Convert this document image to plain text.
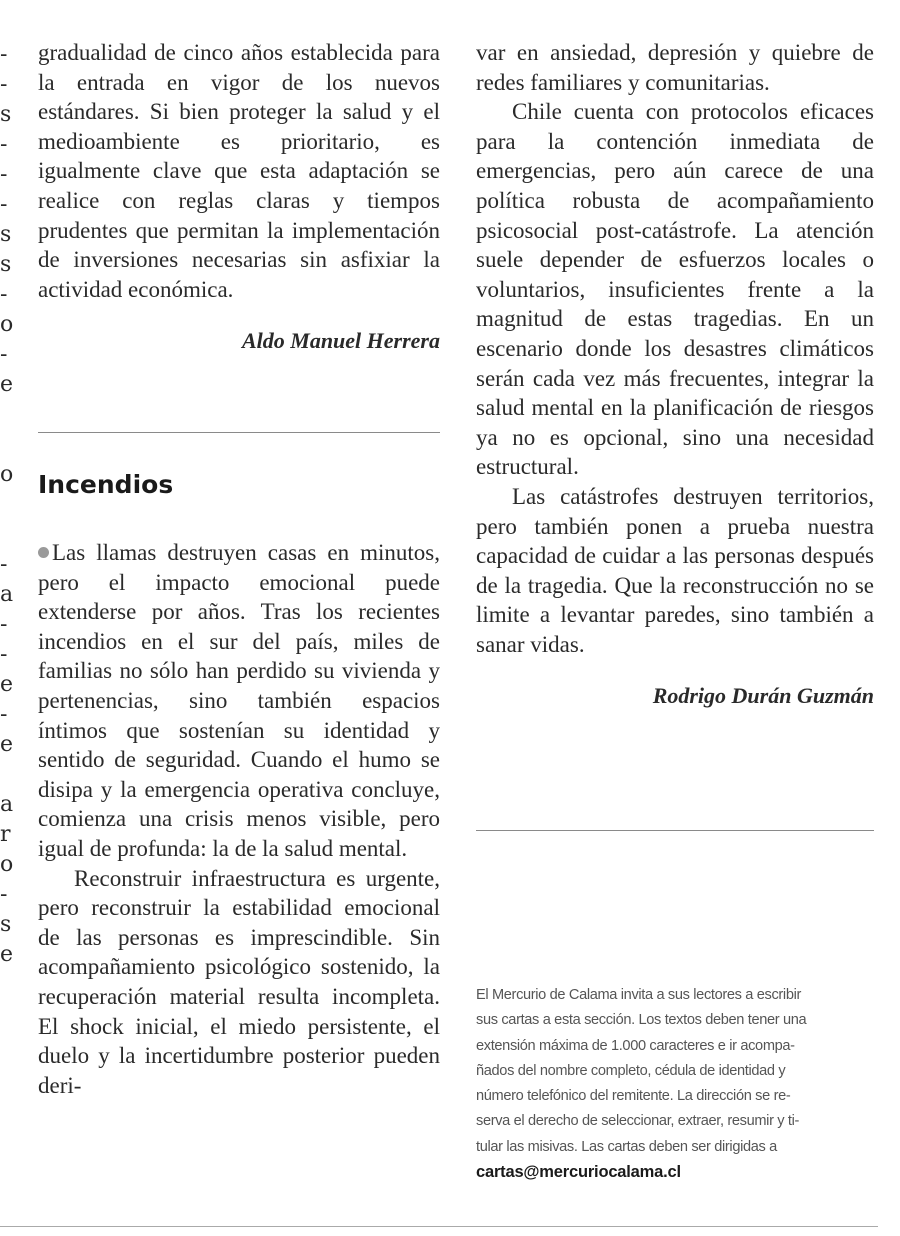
-
-
s
-
-
-
s
s
-
o
-
e

o

-
a
-
-
e
-
e

a
r
o
-
s
e

gradualidad de cinco años establecida para la entrada en vigor de los nuevos estándares. Si bien proteger la salud y el medioambiente es prioritario, es igualmente clave que esta adaptación se realice con reglas claras y tiempos prudentes que permitan la implementación de inversiones necesarias sin asfixiar la actividad económica.

Aldo Manuel Herrera
Incendios

Las llamas destruyen casas en minutos, pero el impacto emocional puede extenderse por años. Tras los recientes incendios en el sur del país, miles de familias no sólo han perdido su vivienda y pertenencias, sino también espacios íntimos que sostenían su identidad y sentido de seguridad. Cuando el humo se disipa y la emergencia operativa concluye, comienza una crisis menos visible, pero igual de profunda: la de la salud mental.

Reconstruir infraestructura es urgente, pero reconstruir la estabilidad emocional de las personas es imprescindible. Sin acompañamiento psicológico sostenido, la recuperación material resulta incompleta. El shock inicial, el miedo persistente, el duelo y la incertidumbre posterior pueden deri-

var en ansiedad, depresión y quiebre de redes familiares y comunitarias.

Chile cuenta con protocolos eficaces para la contención inmediata de emergencias, pero aún carece de una política robusta de acompañamiento psicosocial post-catástrofe. La atención suele depender de esfuerzos locales o voluntarios, insuficientes frente a la magnitud de estas tragedias. En un escenario donde los desastres climáticos serán cada vez más frecuentes, integrar la salud mental en la planificación de riesgos ya no es opcional, sino una necesidad estructural.

Las catástrofes destruyen territorios, pero también ponen a prueba nuestra capacidad de cuidar a las personas después de la tragedia. Que la reconstrucción no se limite a levantar paredes, sino también a sanar vidas.

Rodrigo Durán Guzmán
El Mercurio de Calama invita a sus lectores a escribir
sus cartas a esta sección. Los textos deben tener una
extensión máxima de 1.000 caracteres e ir acompa-
ñados del nombre completo, cédula de identidad y
número telefónico del remitente. La dirección se re-
serva el derecho de seleccionar, extraer, resumir y ti-
tular las misivas. Las cartas deben ser dirigidas a
cartas@mercuriocalama.cl
